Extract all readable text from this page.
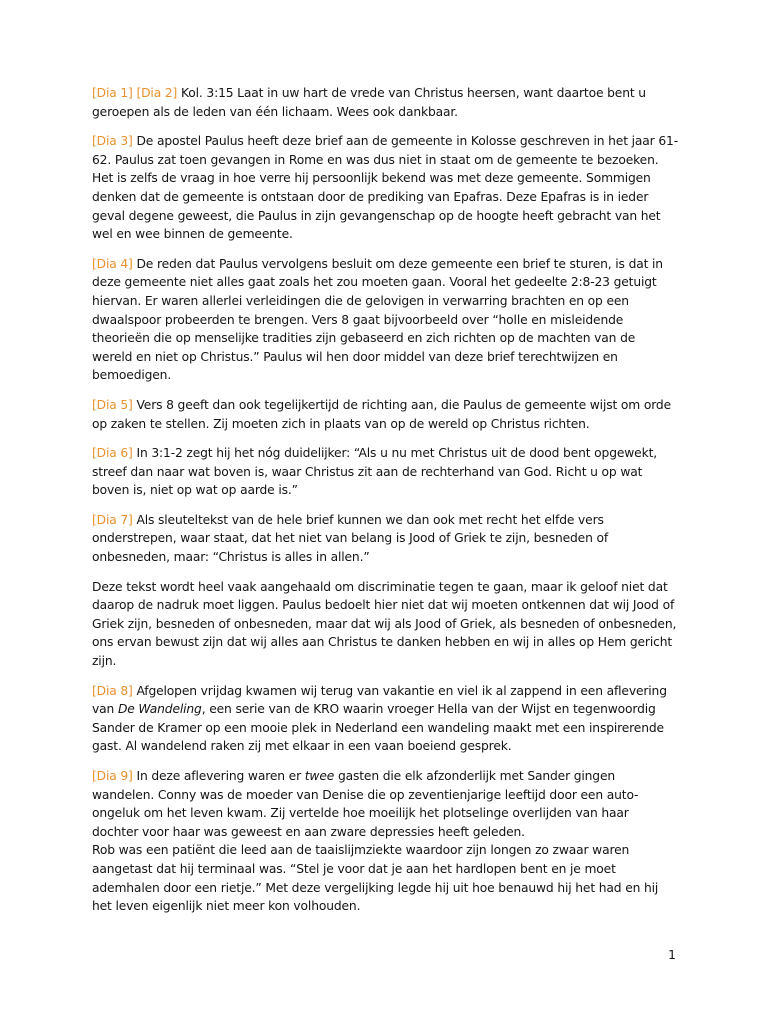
[Dia 1] [Dia 2] Kol. 3:15 Laat in uw hart de vrede van Christus heersen, want daartoe bent u geroepen als de leden van één lichaam. Wees ook dankbaar.

[Dia 3] De apostel Paulus heeft deze brief aan de gemeente in Kolosse geschreven in het jaar 61-62. Paulus zat toen gevangen in Rome en was dus niet in staat om de gemeente te bezoeken. Het is zelfs de vraag in hoe verre hij persoonlijk bekend was met deze gemeente. Sommigen denken dat de gemeente is ontstaan door de prediking van Epafras. Deze Epafras is in ieder geval degene geweest, die Paulus in zijn gevangenschap op de hoogte heeft gebracht van het wel en wee binnen de gemeente.

[Dia 4] De reden dat Paulus vervolgens besluit om deze gemeente een brief te sturen, is dat in deze gemeente niet alles gaat zoals het zou moeten gaan. Vooral het gedeelte 2:8-23 getuigt hiervan. Er waren allerlei verleidingen die de gelovigen in verwarring brachten en op een dwaalspoor probeerden te brengen. Vers 8 gaat bijvoorbeeld over “holle en misleidende theorieën die op menselijke tradities zijn gebaseerd en zich richten op de machten van de wereld en niet op Christus.” Paulus wil hen door middel van deze brief terechtwijzen en bemoedigen.

[Dia 5] Vers 8 geeft dan ook tegelijkertijd de richting aan, die Paulus de gemeente wijst om orde op zaken te stellen. Zij moeten zich in plaats van op de wereld op Christus richten.

[Dia 6] In 3:1-2 zegt hij het nóg duidelijker: “Als u nu met Christus uit de dood bent opgewekt, streef dan naar wat boven is, waar Christus zit aan de rechterhand van God. Richt u op wat boven is, niet op wat op aarde is.”

[Dia 7] Als sleuteltekst van de hele brief kunnen we dan ook met recht het elfde vers onderstrepen, waar staat, dat het niet van belang is Jood of Griek te zijn, besneden of onbesneden, maar: “Christus is alles in allen.”

Deze tekst wordt heel vaak aangehaald om discriminatie tegen te gaan, maar ik geloof niet dat daarop de nadruk moet liggen. Paulus bedoelt hier niet dat wij moeten ontkennen dat wij Jood of Griek zijn, besneden of onbesneden, maar dat wij als Jood of Griek, als besneden of onbesneden, ons ervan bewust zijn dat wij alles aan Christus te danken hebben en wij in alles op Hem gericht zijn.

[Dia 8] Afgelopen vrijdag kwamen wij terug van vakantie en viel ik al zappend in een aflevering van De Wandeling, een serie van de KRO waarin vroeger Hella van der Wijst en tegenwoordig Sander de Kramer op een mooie plek in Nederland een wandeling maakt met een inspirerende gast. Al wandelend raken zij met elkaar in een vaan boeiend gesprek.

[Dia 9] In deze aflevering waren er twee gasten die elk afzonderlijk met Sander gingen wandelen. Conny was de moeder van Denise die op zeventienjarige leeftijd door een auto-ongeluk om het leven kwam. Zij vertelde hoe moeilijk het plotselinge overlijden van haar dochter voor haar was geweest en aan zware depressies heeft geleden.

Rob was een patiënt die leed aan de taaislijmziekte waardoor zijn longen zo zwaar waren aangetast dat hij terminaal was. “Stel je voor dat je aan het hardlopen bent en je moet ademhalen door een rietje.” Met deze vergelijking legde hij uit hoe benauwd hij het had en hij het leven eigenlijk niet meer kon volhouden.

1
